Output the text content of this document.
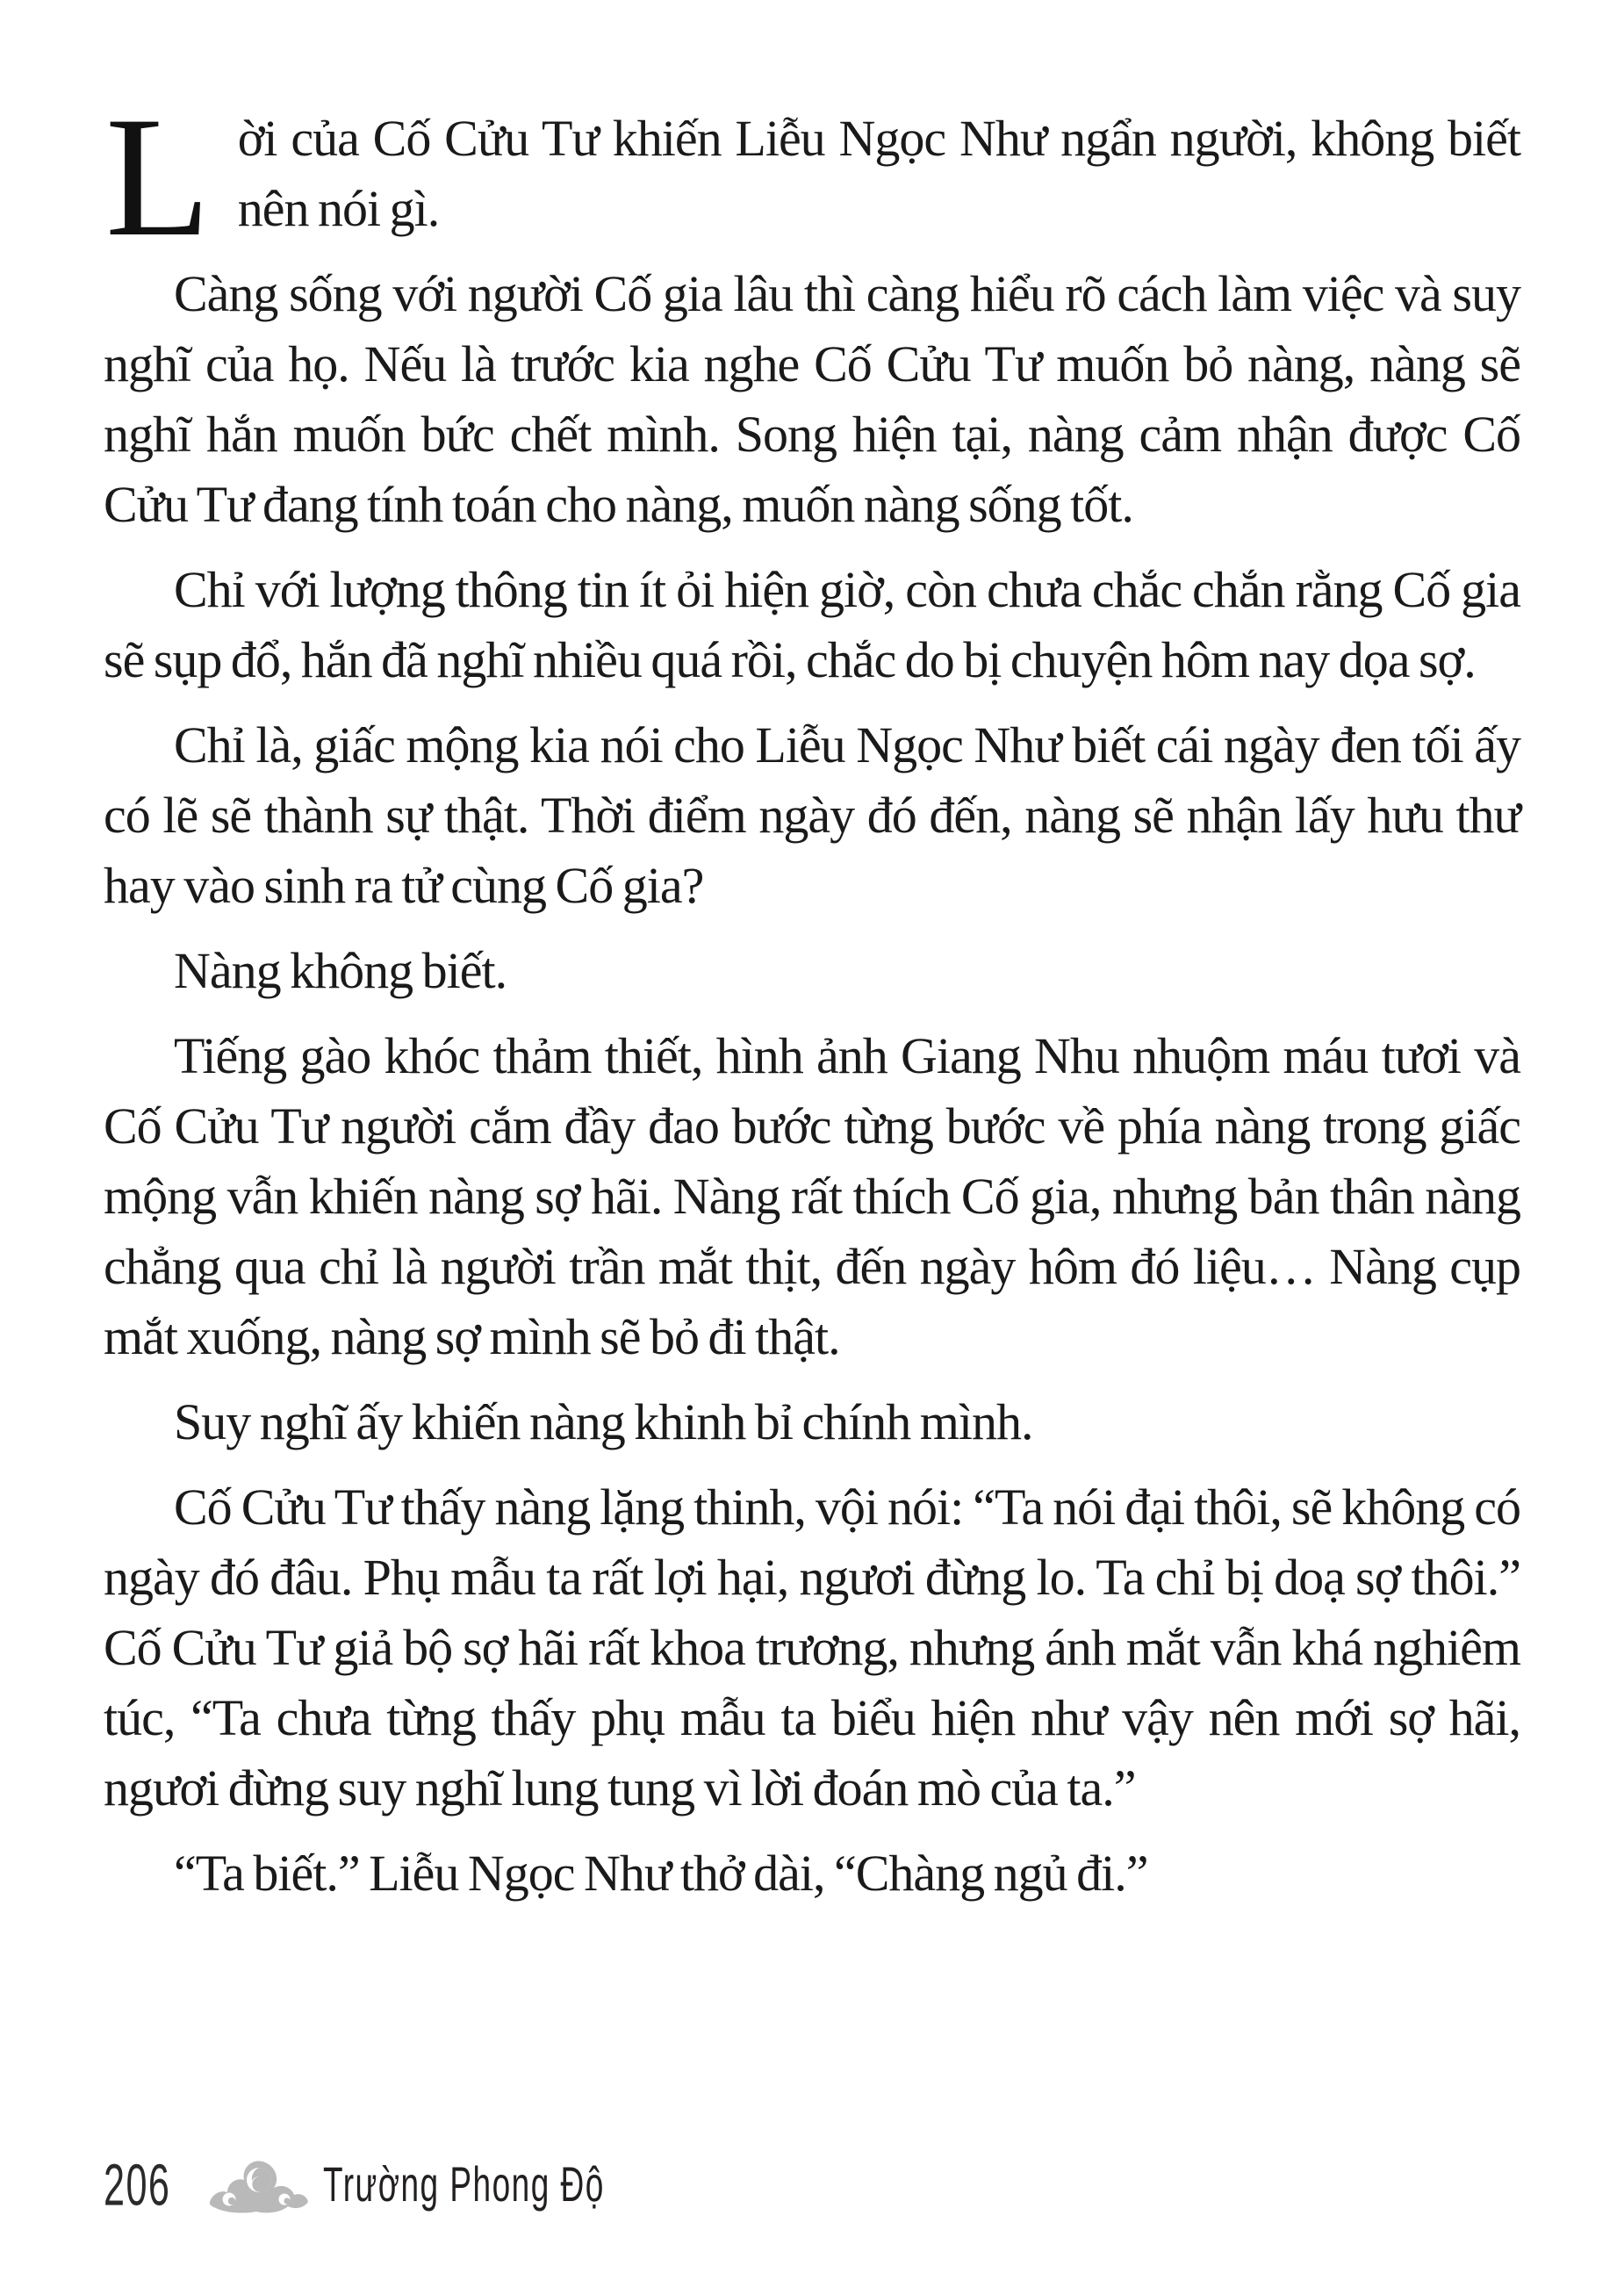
Lời của Cố Cửu Tư khiến Liễu Ngọc Như ngẩn người, không biết nên nói gì.

Càng sống với người Cố gia lâu thì càng hiểu rõ cách làm việc và suy nghĩ của họ. Nếu là trước kia nghe Cố Cửu Tư muốn bỏ nàng, nàng sẽ nghĩ hắn muốn bức chết mình. Song hiện tại, nàng cảm nhận được Cố Cửu Tư đang tính toán cho nàng, muốn nàng sống tốt.

Chỉ với lượng thông tin ít ỏi hiện giờ, còn chưa chắc chắn rằng Cố gia sẽ sụp đổ, hắn đã nghĩ nhiều quá rồi, chắc do bị chuyện hôm nay dọa sợ.

Chỉ là, giấc mộng kia nói cho Liễu Ngọc Như biết cái ngày đen tối ấy có lẽ sẽ thành sự thật. Thời điểm ngày đó đến, nàng sẽ nhận lấy hưu thư hay vào sinh ra tử cùng Cố gia?

Nàng không biết.

Tiếng gào khóc thảm thiết, hình ảnh Giang Nhu nhuộm máu tươi và Cố Cửu Tư người cắm đầy đao bước từng bước về phía nàng trong giấc mộng vẫn khiến nàng sợ hãi. Nàng rất thích Cố gia, nhưng bản thân nàng chẳng qua chỉ là người trần mắt thịt, đến ngày hôm đó liệu… Nàng cụp mắt xuống, nàng sợ mình sẽ bỏ đi thật.

Suy nghĩ ấy khiến nàng khinh bỉ chính mình.

Cố Cửu Tư thấy nàng lặng thinh, vội nói: “Ta nói đại thôi, sẽ không có ngày đó đâu. Phụ mẫu ta rất lợi hại, ngươi đừng lo. Ta chỉ bị doạ sợ thôi.” Cố Cửu Tư giả bộ sợ hãi rất khoa trương, nhưng ánh mắt vẫn khá nghiêm túc, “Ta chưa từng thấy phụ mẫu ta biểu hiện như vậy nên mới sợ hãi, ngươi đừng suy nghĩ lung tung vì lời đoán mò của ta.”

“Ta biết.” Liễu Ngọc Như thở dài, “Chàng ngủ đi.”

206	Trường Phong Độ
